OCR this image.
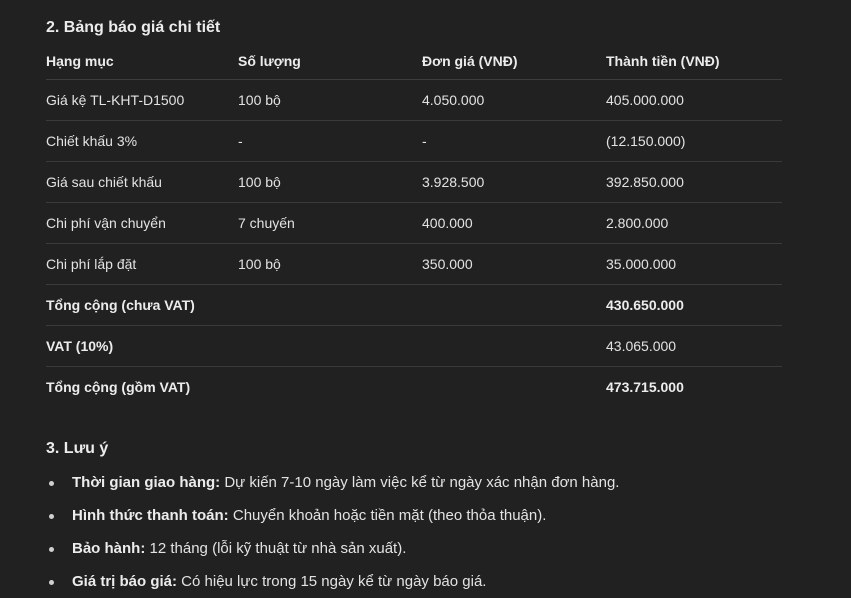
2. Bảng báo giá chi tiết
Hạng mục	Số lượng	Đơn giá (VNĐ)	Thành tiền (VNĐ)
Giá kệ TL-KHT-D1500	100 bộ	4.050.000	405.000.000
Chiết khấu 3%	-	-	(12.150.000)
Giá sau chiết khấu	100 bộ	3.928.500	392.850.000
Chi phí vận chuyển	7 chuyến	400.000	2.800.000
Chi phí lắp đặt	100 bộ	350.000	35.000.000
Tổng cộng (chưa VAT)			430.650.000
VAT (10%)			43.065.000
Tổng cộng (gồm VAT)			473.715.000
3. Lưu ý
Thời gian giao hàng: Dự kiến 7-10 ngày làm việc kể từ ngày xác nhận đơn hàng.
Hình thức thanh toán: Chuyển khoản hoặc tiền mặt (theo thỏa thuận).
Bảo hành: 12 tháng (lỗi kỹ thuật từ nhà sản xuất).
Giá trị báo giá: Có hiệu lực trong 15 ngày kể từ ngày báo giá.
